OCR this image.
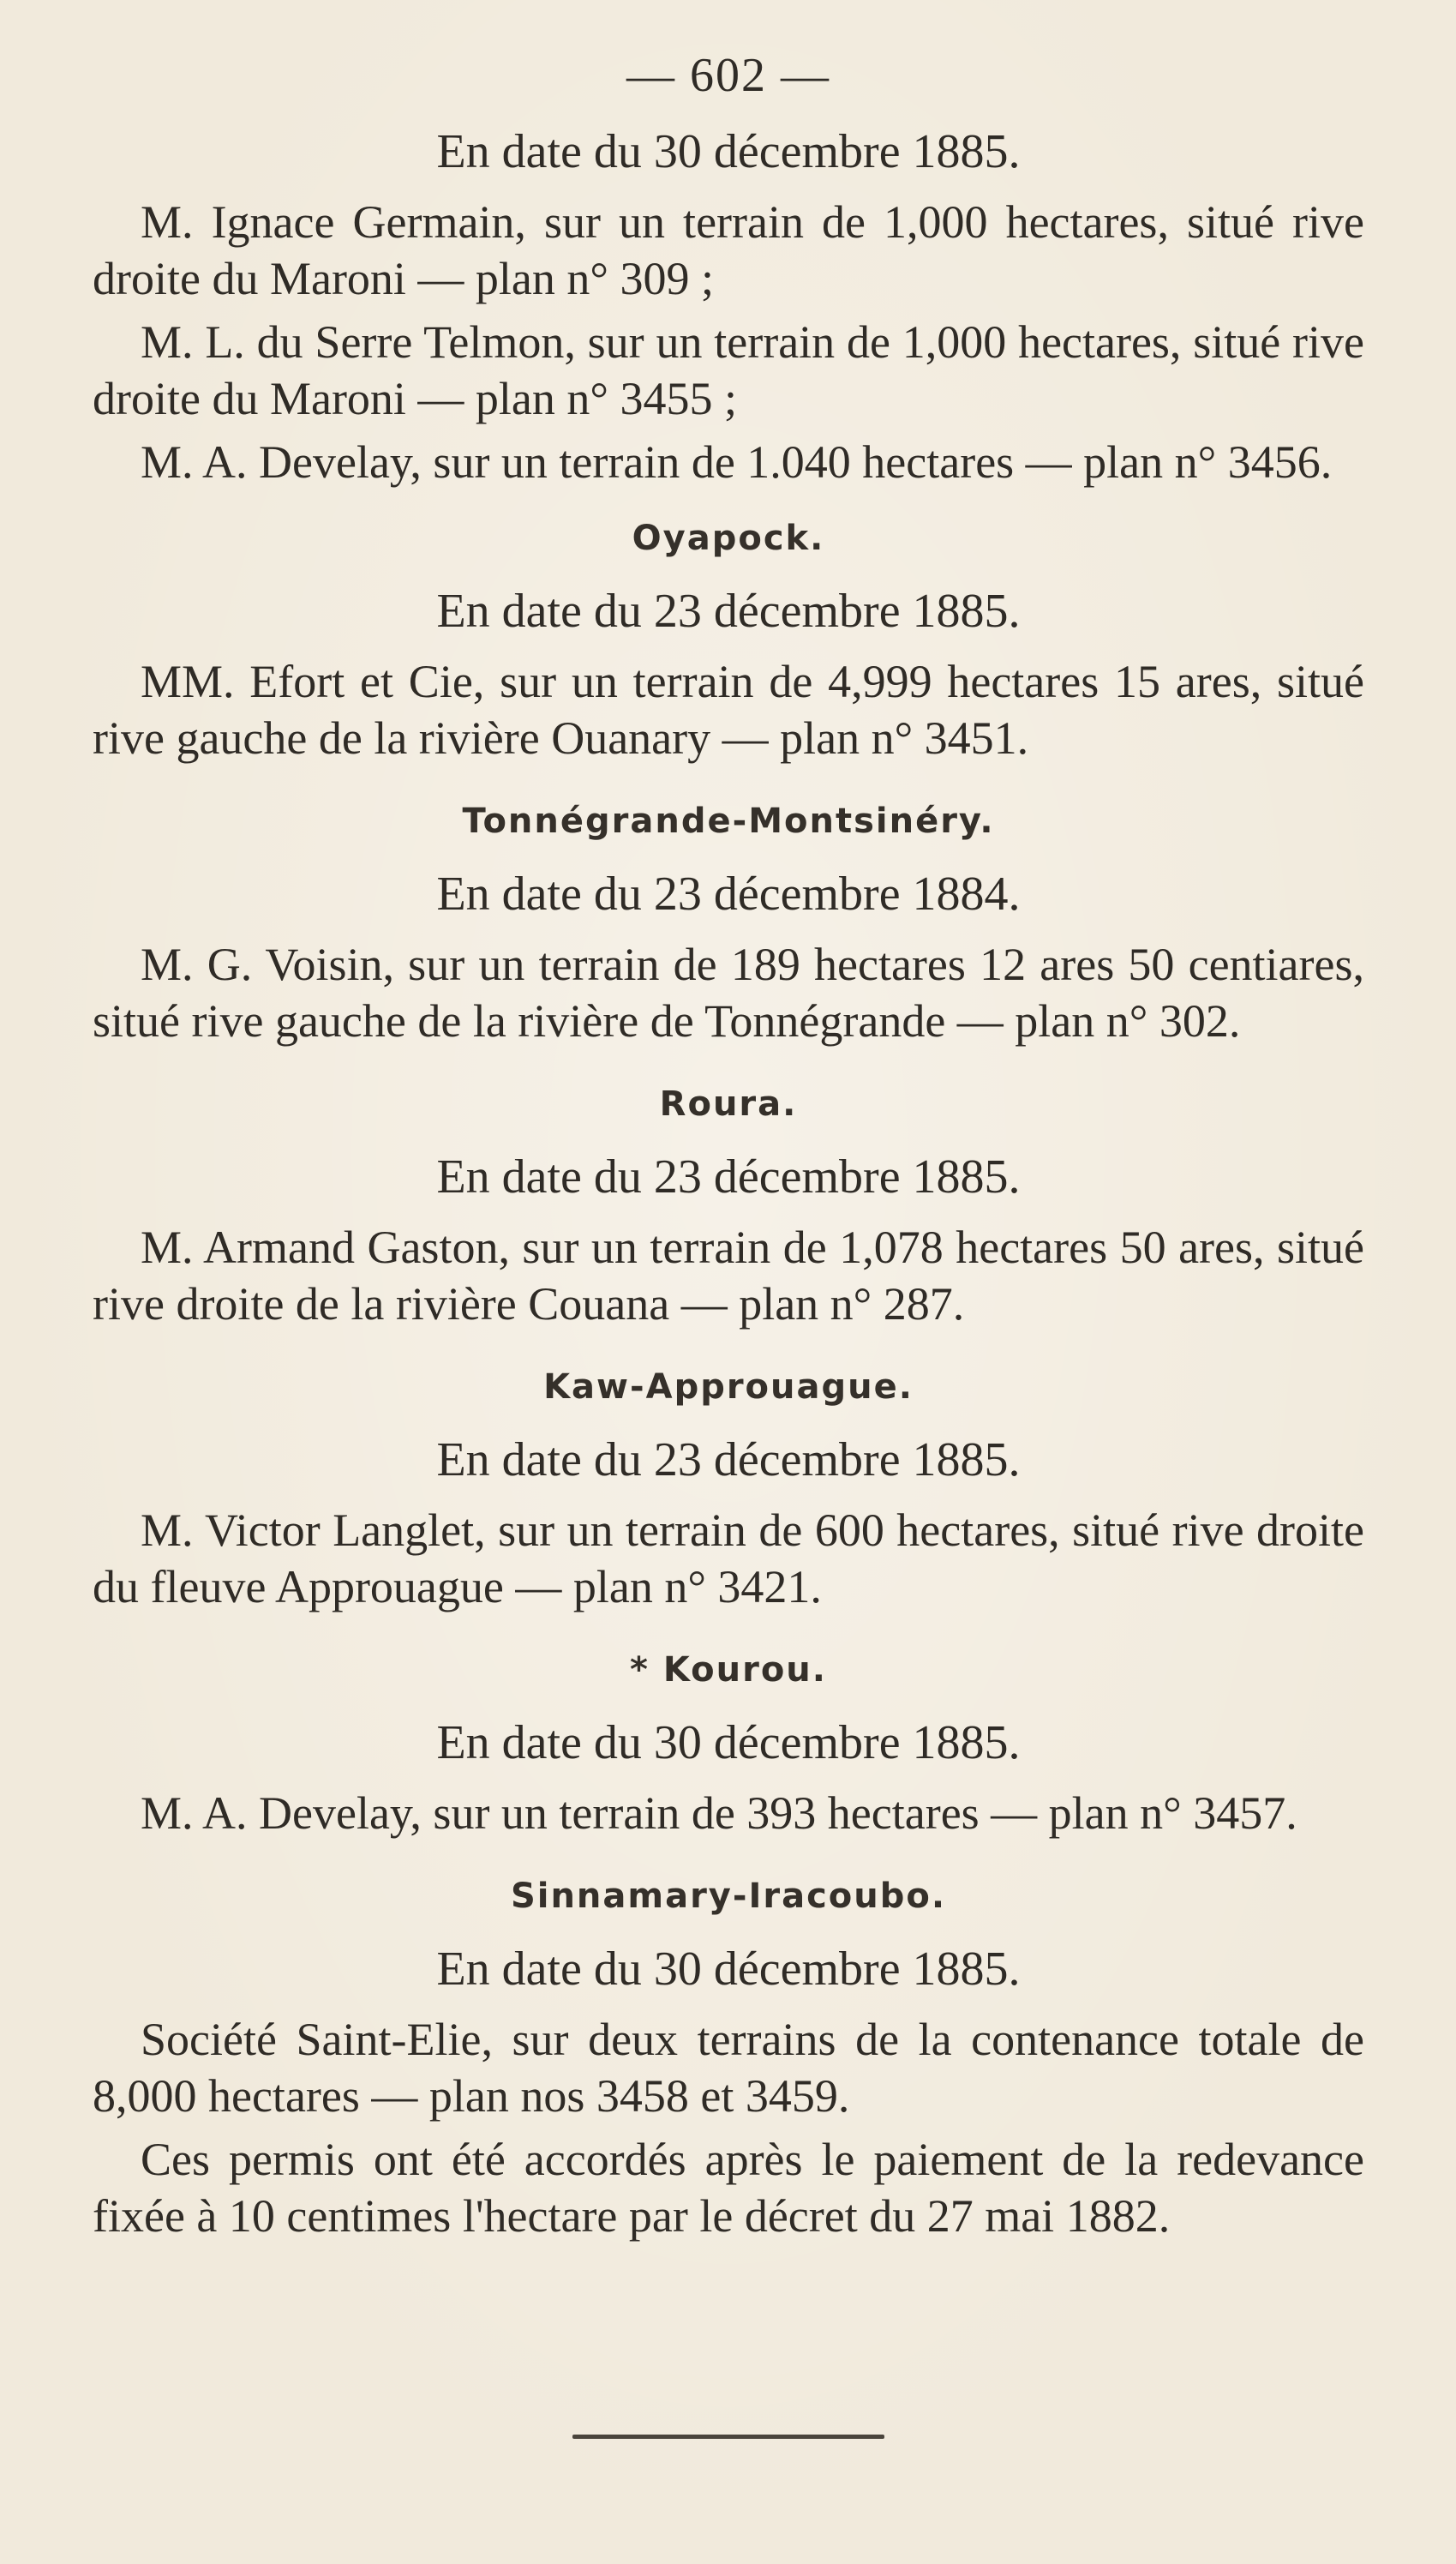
— 602 —
En date du 30 décembre 1885.

M. Ignace Germain, sur un terrain de 1,000 hectares, situé rive droite du Maroni — plan n° 309 ;

M. L. du Serre Telmon, sur un terrain de 1,000 hectares, situé rive droite du Maroni — plan n° 3455 ;

M. A. Develay, sur un terrain de 1.040 hectares — plan n° 3456.

Oyapock.
En date du 23 décembre 1885.

MM. Efort et Cie, sur un terrain de 4,999 hectares 15 ares, situé rive gauche de la rivière Ouanary — plan n° 3451.

Tonnégrande-Montsinéry.
En date du 23 décembre 1884.

M. G. Voisin, sur un terrain de 189 hectares 12 ares 50 centiares, situé rive gauche de la rivière de Tonnégrande — plan n° 302.

Roura.
En date du 23 décembre 1885.

M. Armand Gaston, sur un terrain de 1,078 hectares 50 ares, situé rive droite de la rivière Couana — plan n° 287.

Kaw-Approuague.
En date du 23 décembre 1885.

M. Victor Langlet, sur un terrain de 600 hectares, situé rive droite du fleuve Approuague — plan n° 3421.

* Kourou.
En date du 30 décembre 1885.

M. A. Develay, sur un terrain de 393 hectares — plan n° 3457.

Sinnamary-Iracoubo.
En date du 30 décembre 1885.

Société Saint-Elie, sur deux terrains de la contenance totale de 8,000 hectares — plan nos 3458 et 3459.

Ces permis ont été accordés après le paiement de la redevance fixée à 10 centimes l'hectare par le décret du 27 mai 1882.
